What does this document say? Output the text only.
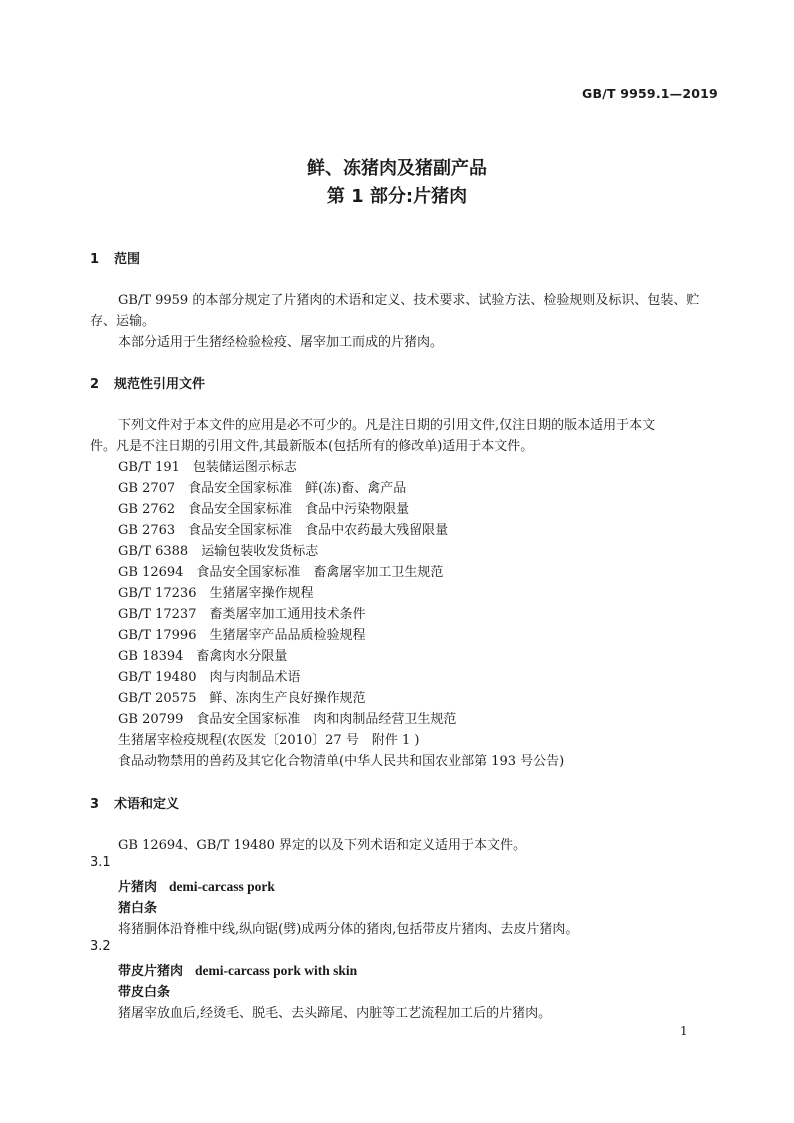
GB/T 9959.1—2019
鲜、冻猪肉及猪副产品
第 1 部分:片猪肉
1 范围
GB/T 9959 的本部分规定了片猪肉的术语和定义、技术要求、试验方法、检验规则及标识、包装、贮
存、运输。
本部分适用于生猪经检验检疫、屠宰加工而成的片猪肉。
2 规范性引用文件
下列文件对于本文件的应用是必不可少的。凡是注日期的引用文件,仅注日期的版本适用于本文
件。凡是不注日期的引用文件,其最新版本(包括所有的修改单)适用于本文件。
GB/T 191　包装储运图示标志
GB 2707　食品安全国家标准　鲜(冻)畜、禽产品
GB 2762　食品安全国家标准　食品中污染物限量
GB 2763　食品安全国家标准　食品中农药最大残留限量
GB/T 6388　运输包装收发货标志
GB 12694　食品安全国家标准　畜禽屠宰加工卫生规范
GB/T 17236　生猪屠宰操作规程
GB/T 17237　畜类屠宰加工通用技术条件
GB/T 17996　生猪屠宰产品品质检验规程
GB 18394　畜禽肉水分限量
GB/T 19480　肉与肉制品术语
GB/T 20575　鲜、冻肉生产良好操作规范
GB 20799　食品安全国家标准　肉和肉制品经营卫生规范
生猪屠宰检疫规程(农医发〔2010〕27 号　附件 1 )
食品动物禁用的兽药及其它化合物清单(中华人民共和国农业部第 193 号公告)
3 术语和定义
GB 12694、GB/T 19480 界定的以及下列术语和定义适用于本文件。
3.1
片猪肉 demi-carcass pork
猪白条
将猪胴体沿脊椎中线,纵向锯(劈)成两分体的猪肉,包括带皮片猪肉、去皮片猪肉。
3.2
带皮片猪肉 demi-carcass pork with skin
带皮白条
猪屠宰放血后,经烫毛、脱毛、去头蹄尾、内脏等工艺流程加工后的片猪肉。
1
